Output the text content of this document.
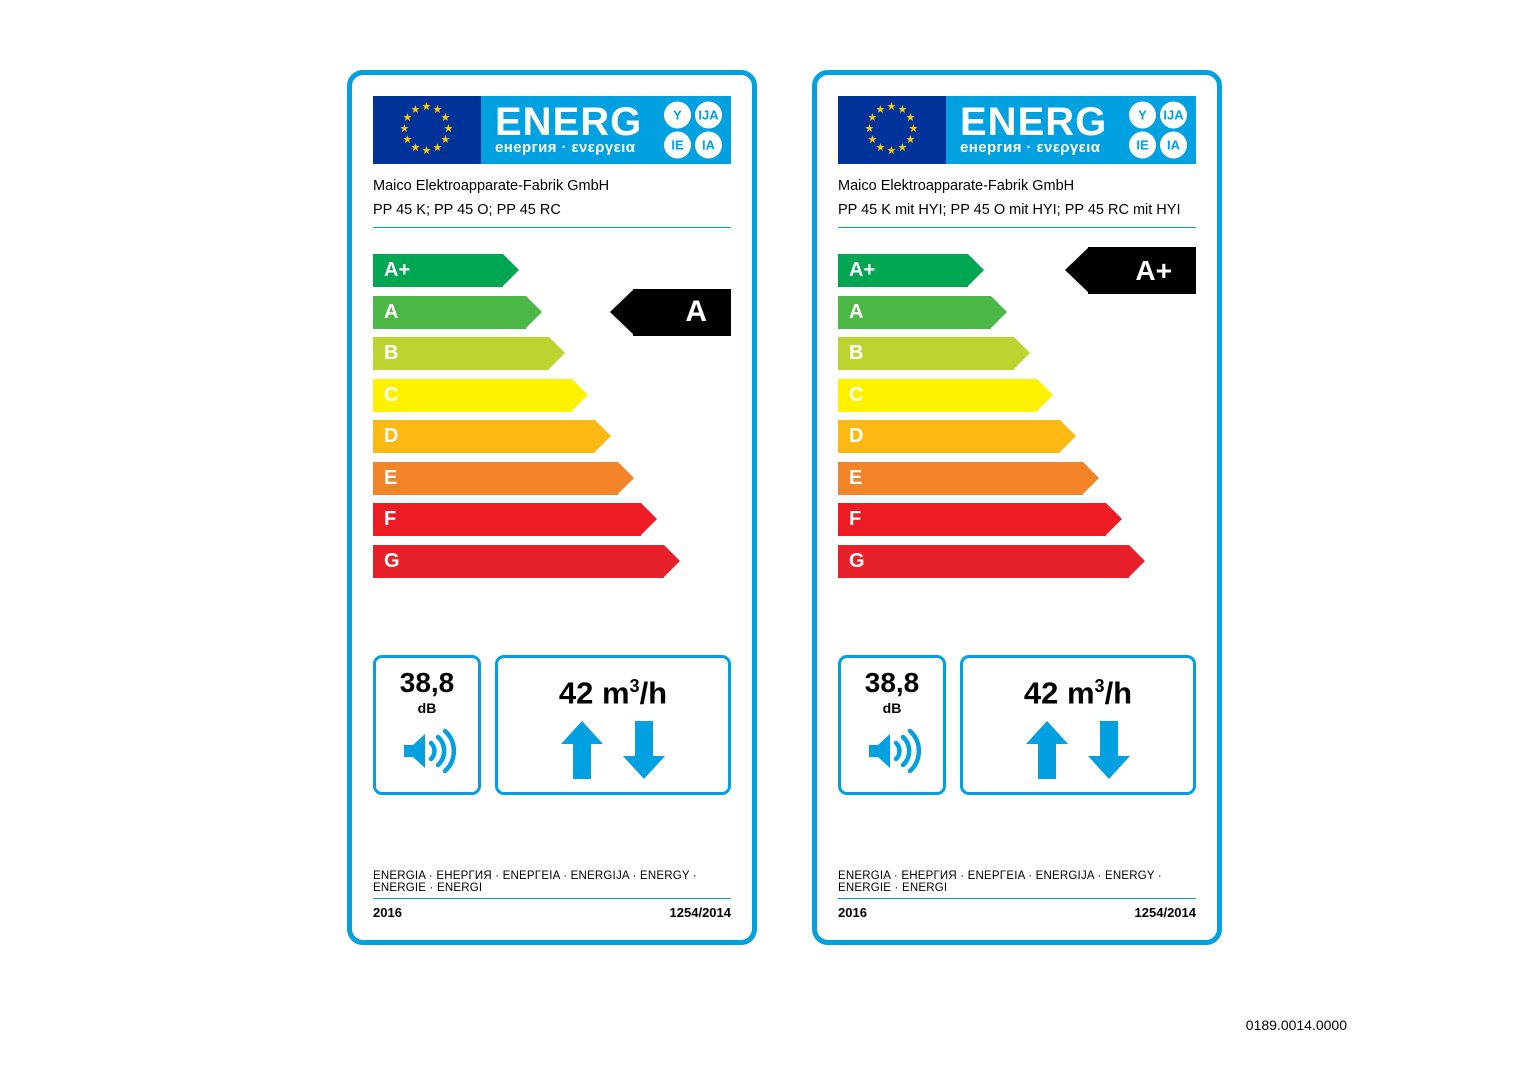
★ ★
★
★
★
★
★
★
★
★
★
★ ENERG
енергия · ενεργεια
Y	IJA
IE	IA
Maico Elektroapparate-Fabrik GmbH
PP 45 K; PP 45 O; PP 45 RC
A+
A
B
C
D
E
F
G
A
38,8
dB	42 $m^3/h$
ENERGIA · ЕНЕРГИЯ · ΕΝΕΡΓΕΙΑ · ENERGIJA · ENERGY · ENERGIE · ENERGI
2016	1254/2014
★ ★
★
★
★
★
★
★
★
★
★
★ ENERG
енергия · ενεργεια
Y	IJA
IE	IA
Maico Elektroapparate-Fabrik GmbH
PP 45 K mit HYI; PP 45 O mit HYI; PP 45 RC mit HYI
A+
A
B
C
D
E
F
G
A+
38,8
dB	42 $m^3/h$
ENERGIA · ЕНЕРГИЯ · ΕΝΕΡΓΕΙΑ · ENERGIJA · ENERGY · ENERGIE · ENERGI
2016	1254/2014
0189.0014.0000
